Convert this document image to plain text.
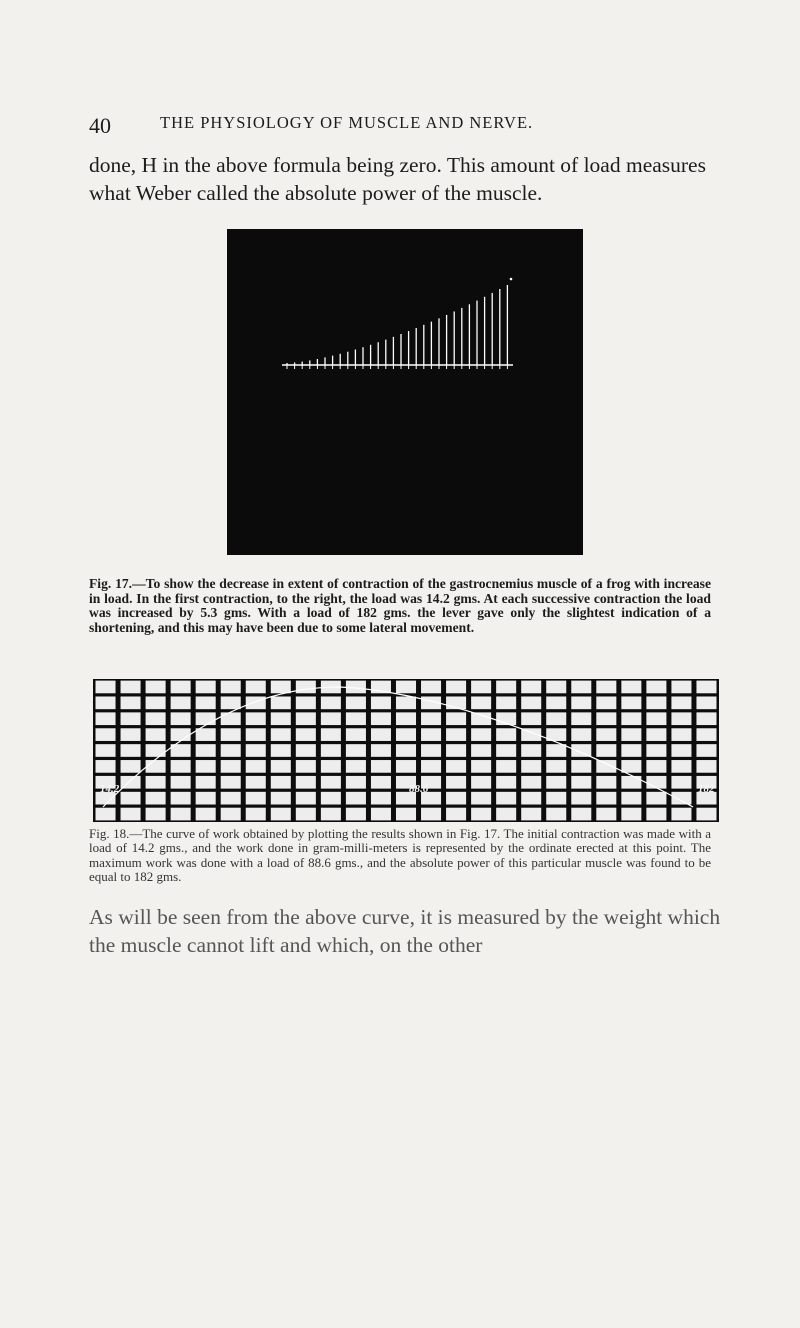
40	THE PHYSIOLOGY OF MUSCLE AND NERVE.
done, H in the above formula being zero. This amount of load measures what Weber called the absolute power of the muscle.
Fig. 17.—To show the decrease in extent of contraction of the gastrocnemius muscle of a frog with increase in load. In the first contraction, to the right, the load was 14.2 gms. At each successive contraction the load was increased by 5.3 gms. With a load of 182 gms. the lever gave only the slightest indication of a shortening, and this may have been due to some lateral movement.
14.2	88.6	182
Fig. 18.—The curve of work obtained by plotting the results shown in Fig. 17. The initial contraction was made with a load of 14.2 gms., and the work done in gram-milli-meters is represented by the ordinate erected at this point. The maximum work was done with a load of 88.6 gms., and the absolute power of this particular muscle was found to be equal to 182 gms.
As will be seen from the above curve, it is measured by the weight which the muscle cannot lift and which, on the other
